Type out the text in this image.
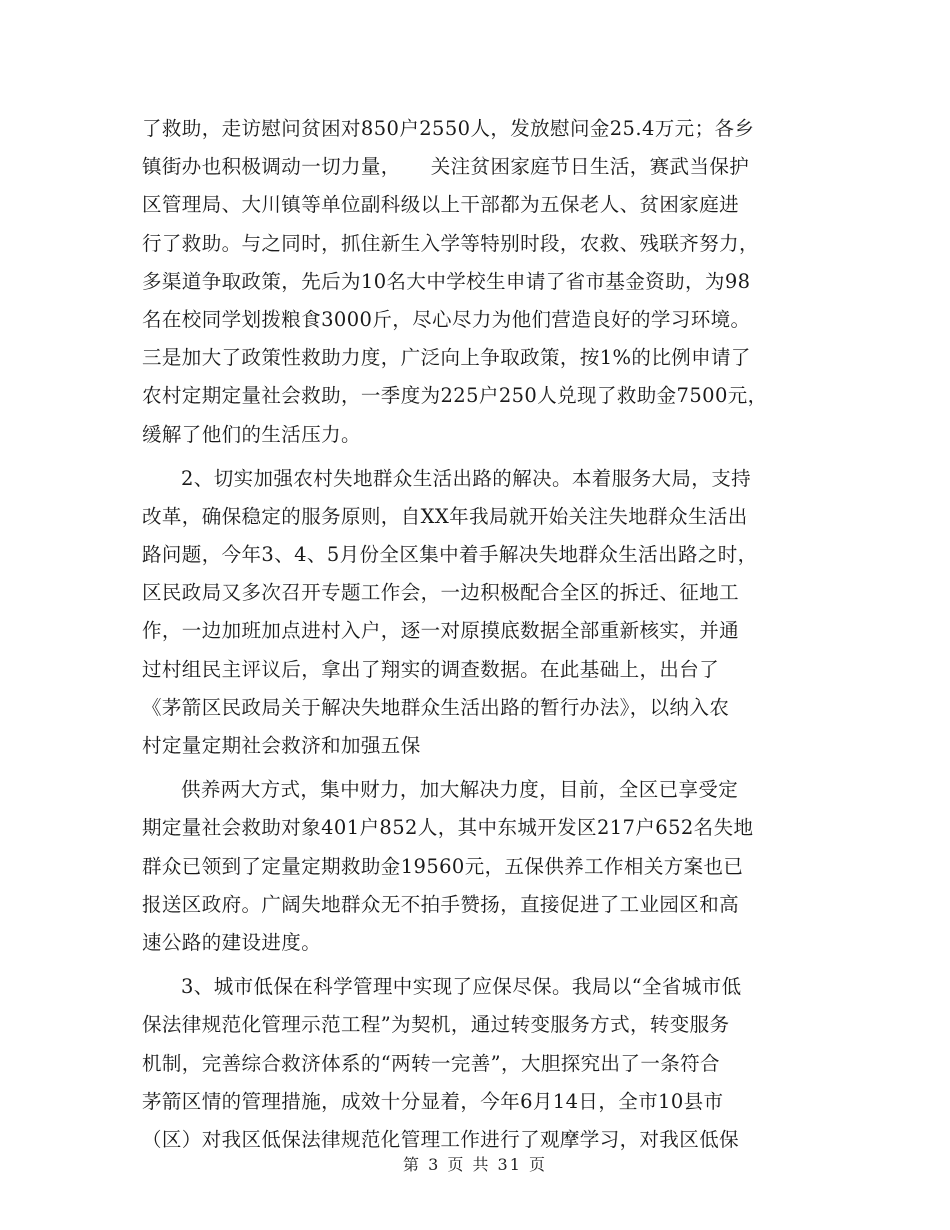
了救助，走访慰问贫困对850户2550人，发放慰问金25.4万元；各乡
镇街办也积极调动一切力量，　　关注贫困家庭节日生活，赛武当保护
区管理局、大川镇等单位副科级以上干部都为五保老人、贫困家庭进
行了救助。与之同时，抓住新生入学等特别时段，农救、残联齐努力，
多渠道争取政策，先后为10名大中学校生申请了省市基金资助，为98
名在校同学划拨粮食3000斤，尽心尽力为他们营造良好的学习环境。
三是加大了政策性救助力度，广泛向上争取政策，按1%的比例申请了
农村定期定量社会救助，一季度为225户250人兑现了救助金7500元，
缓解了他们的生活压力。
2、切实加强农村失地群众生活出路的解决。本着服务大局，支持
改革，确保稳定的服务原则，自XX年我局就开始关注失地群众生活出
路问题，今年3、4、5月份全区集中着手解决失地群众生活出路之时，
区民政局又多次召开专题工作会，一边积极配合全区的拆迁、征地工
作，一边加班加点进村入户，逐一对原摸底数据全部重新核实，并通
过村组民主评议后，拿出了翔实的调查数据。在此基础上，出台了
《茅箭区民政局关于解决失地群众生活出路的暂行办法》，以纳入农
村定量定期社会救济和加强五保
供养两大方式，集中财力，加大解决力度，目前，全区已享受定
期定量社会救助对象401户852人，其中东城开发区217户652名失地
群众已领到了定量定期救助金19560元，五保供养工作相关方案也已
报送区政府。广阔失地群众无不拍手赞扬，直接促进了工业园区和高
速公路的建设进度。
3、城市低保在科学管理中实现了应保尽保。我局以“全省城市低
保法律规范化管理示范工程”为契机，通过转变服务方式，转变服务
机制，完善综合救济体系的“两转一完善”，大胆探究出了一条符合
茅箭区情的管理措施，成效十分显着，今年6月14日，全市10县市
（区）对我区低保法律规范化管理工作进行了观摩学习，对我区低保
第 3 页 共 31 页
